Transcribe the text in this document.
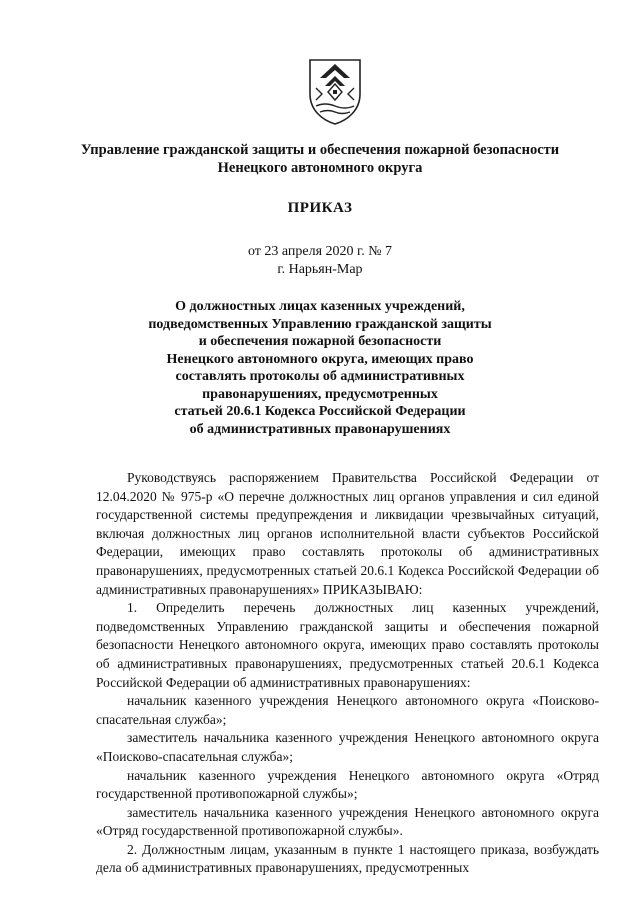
Управление гражданской защиты и обеспечения пожарной безопасности
Ненецкого автономного округа
ПРИКАЗ
от 23 апреля 2020 г. № 7
г. Нарьян-Мар
О должностных лицах казенных учреждений,
подведомственных Управлению гражданской защиты
и обеспечения пожарной безопасности
Ненецкого автономного округа, имеющих право
составлять протоколы об административных
правонарушениях, предусмотренных
статьей 20.6.1 Кодекса Российской Федерации
об административных правонарушениях

Руководствуясь распоряжением Правительства Российской Федерации от 12.04.2020 № 975-р «О перечне должностных лиц органов управления и сил единой государственной системы предупреждения и ликвидации чрезвычайных ситуаций, включая должностных лиц органов исполнительной власти субъектов Российской Федерации, имеющих право составлять протоколы об административных правонарушениях, предусмотренных статьей 20.6.1 Кодекса Российской Федерации об административных правонарушениях» ПРИКАЗЫВАЮ:

1. Определить перечень должностных лиц казенных учреждений, подведомственных Управлению гражданской защиты и обеспечения пожарной безопасности Ненецкого автономного округа, имеющих право составлять протоколы об административных правонарушениях, предусмотренных статьей 20.6.1 Кодекса Российской Федерации об административных правонарушениях:

начальник казенного учреждения Ненецкого автономного округа «Поисково-спасательная служба»;

заместитель начальника казенного учреждения Ненецкого автономного округа «Поисково-спасательная служба»;

начальник казенного учреждения Ненецкого автономного округа «Отряд государственной противопожарной службы»;

заместитель начальника казенного учреждения Ненецкого автономного округа «Отряд государственной противопожарной службы».

2. Должностным лицам, указанным в пункте 1 настоящего приказа, возбуждать дела об административных правонарушениях, предусмотренных
